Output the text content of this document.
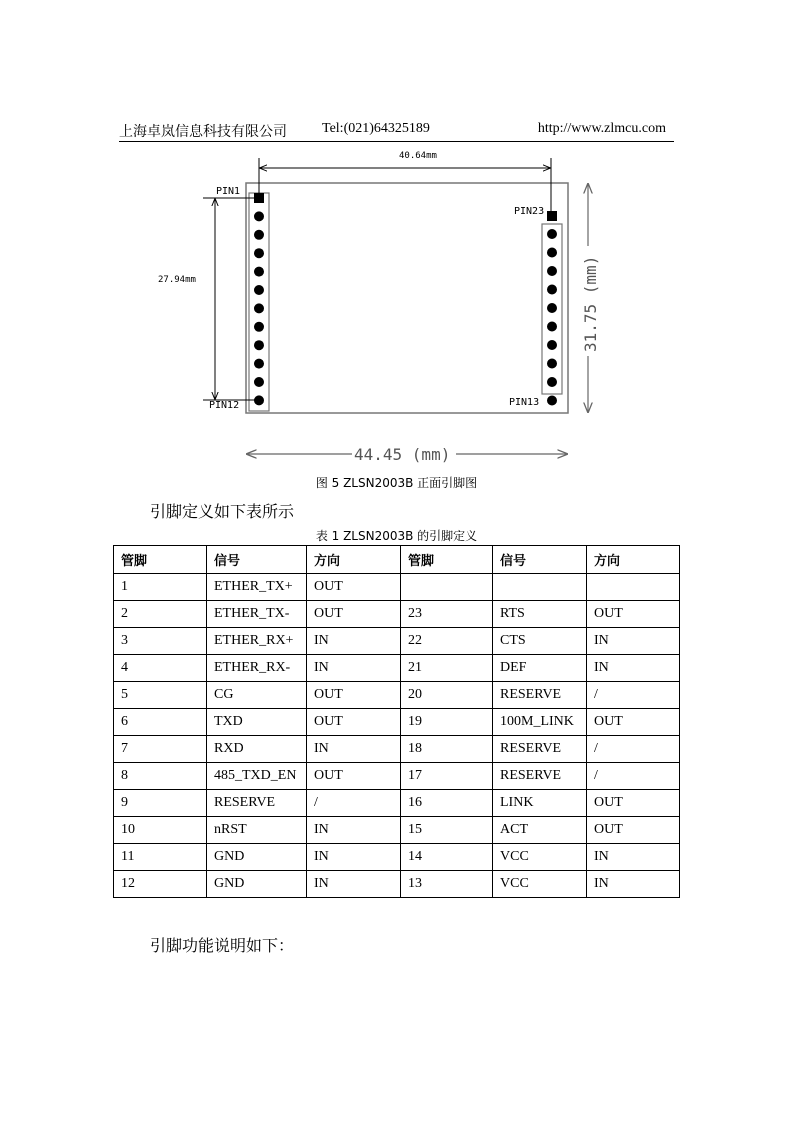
上海卓岚信息科技有限公司	Tel:(021)64325189	http://www.zlmcu.com
PIN1
PIN23
PIN12	PIN13
40.64mm
27.94mm
44.45 (mm)
31.75 (mm)
图 5 ZLSN2003B 正面引脚图
引脚定义如下表所示
表 1 ZLSN2003B 的引脚定义
管脚	信号	方向	管脚	信号	方向
1	ETHER_TX+	OUT			
2	ETHER_TX-	OUT	23	RTS	OUT
3	ETHER_RX+	IN	22	CTS	IN
4	ETHER_RX-	IN	21	DEF	IN
5	CG	OUT	20	RESERVE	/
6	TXD	OUT	19	100M_LINK	OUT
7	RXD	IN	18	RESERVE	/
8	485_TXD_EN	OUT	17	RESERVE	/
9	RESERVE	/	16	LINK	OUT
10	nRST	IN	15	ACT	OUT
11	GND	IN	14	VCC	IN
12	GND	IN	13	VCC	IN
引脚功能说明如下：
